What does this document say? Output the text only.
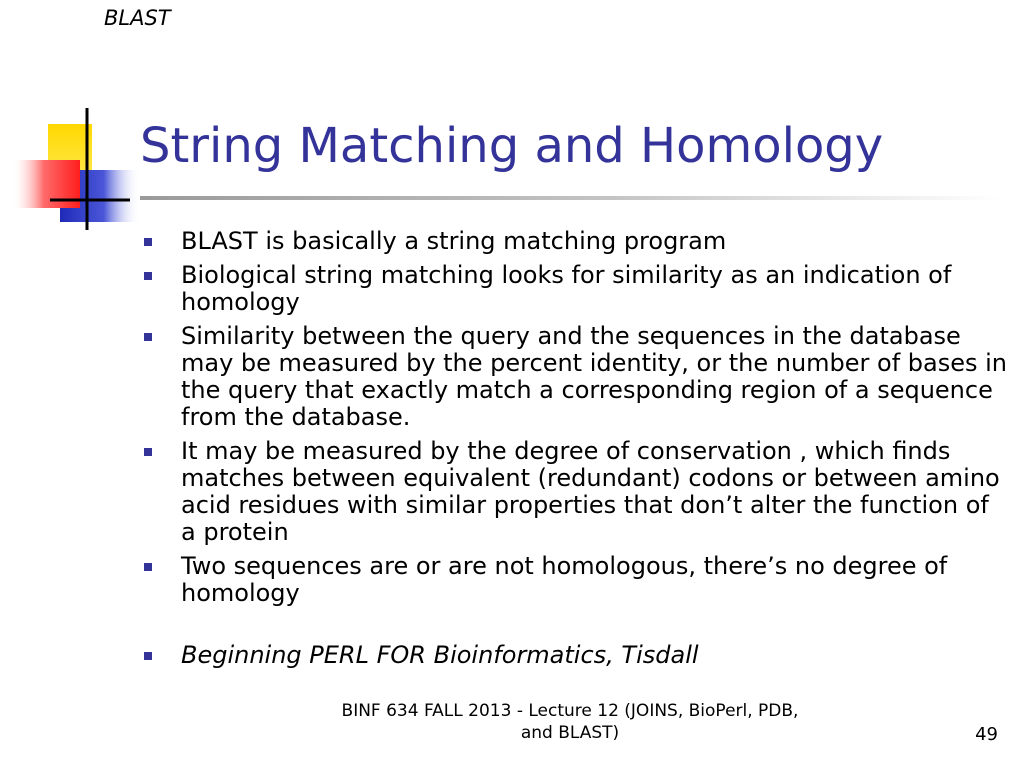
BLAST
String Matching and Homology
BLAST is basically a string matching program
Biological string matching looks for similarity as an indication of homology
Similarity between the query and the sequences in the database may be measured by the percent identity, or the number of bases in the query that exactly match a corresponding region of a sequence from the database.
It may be measured by the degree of conservation , which finds matches between equivalent (redundant) codons or between amino acid residues with similar properties that don’t alter the function of a protein
Two sequences are or are not homologous, there’s no degree of homology
Beginning PERL FOR Bioinformatics, Tisdall
BINF 634 FALL 2013 - Lecture 12 (JOINS, BioPerl, PDB,
and BLAST)	49
